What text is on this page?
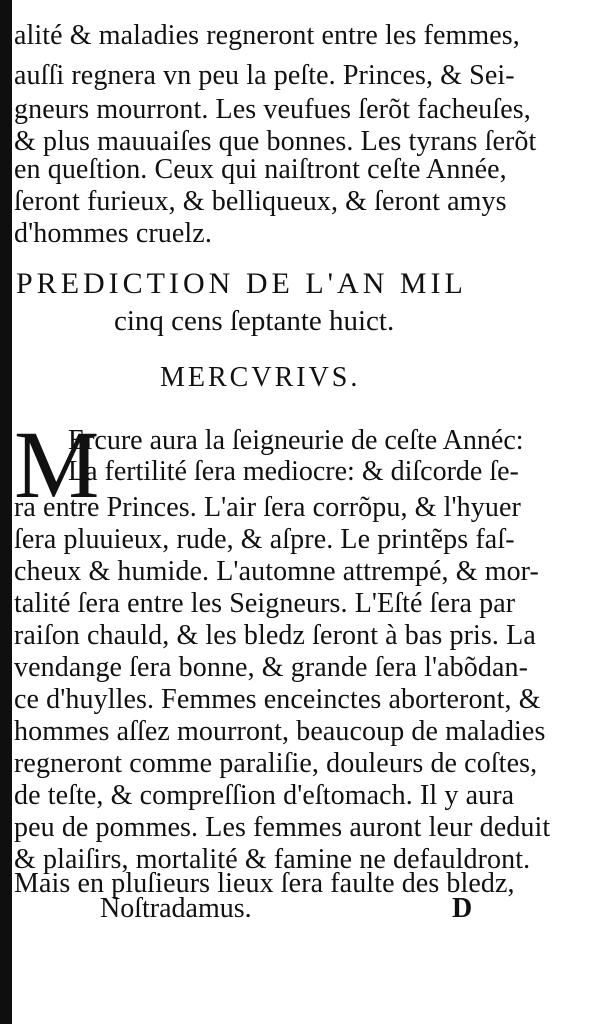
alité & maladies regneront entre les femmes,
auſſi regnera vn peu la peſte. Princes, & Sei-
gneurs mourront. Les veufues ſerõt facheuſes,
& plus mauuaiſes que bonnes. Les tyrans ſerõt
en queſtion. Ceux qui naiſtront ceſte Année,
ſeront furieux, & belliqueux, & ſeront amys
d'hommes cruelz.
PREDICTION DE L'AN MIL
cinq cens ſeptante huict.
MERCVRIVS.
M
Ercure aura la ſeigneurie de ceſte Annéc:
La fertilité ſera mediocre: & diſcorde ſe-
ra entre Princes. L'air ſera corrõpu, & l'hyuer
ſera pluuieux, rude, & aſpre. Le printẽps faſ-
cheux & humide. L'automne attrempé, & mor-
talité ſera entre les Seigneurs. L'Eſté ſera par
raiſon chauld, & les bledz ſeront à bas pris. La
vendange ſera bonne, & grande ſera l'abõdan-
ce d'huylles. Femmes enceinctes aborteront, &
hommes aſſez mourront, beaucoup de maladies
regneront comme paraliſie, douleurs de coſtes,
de teſte, & compreſſion d'eſtomach. Il y aura
peu de pommes. Les femmes auront leur deduit
& plaiſirs, mortalité & famine ne defauldront.
Mais en pluſieurs lieux ſera faulte des bledz,
Noſtradamus.	D
